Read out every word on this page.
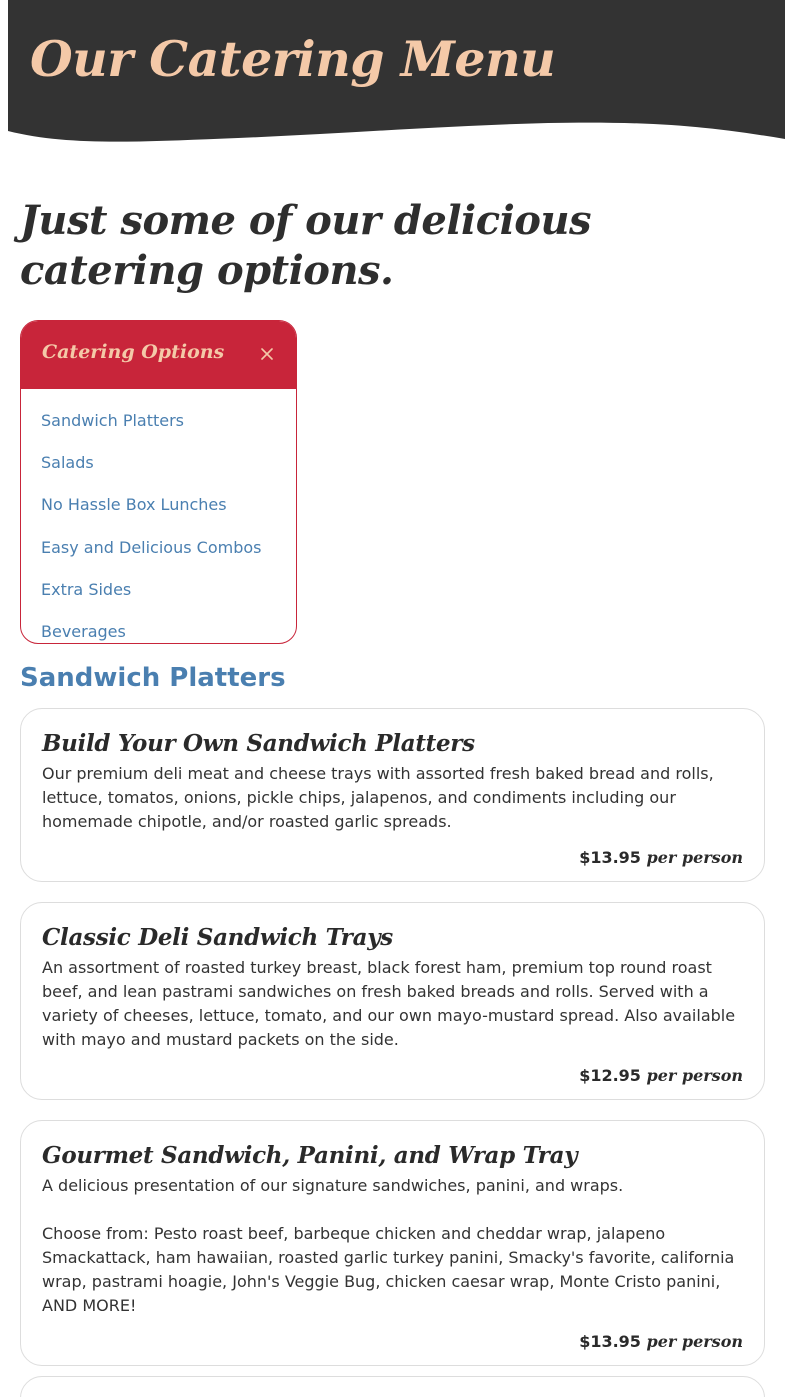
Our Catering Menu
Just some of our delicious catering options.
Catering Options
Sandwich Platters
Salads
No Hassle Box Lunches
Easy and Delicious Combos
Extra Sides
Beverages
Sandwich Platters
Build Your Own Sandwich Platters

Our premium deli meat and cheese trays with assorted fresh baked bread and rolls, lettuce, tomatos, onions, pickle chips, jalapenos, and condiments including our homemade chipotle, and/or roasted garlic spreads.

$13.95 per person
Classic Deli Sandwich Trays

An assortment of roasted turkey breast, black forest ham, premium top round roast beef, and lean pastrami sandwiches on fresh baked breads and rolls. Served with a variety of cheeses, lettuce, tomato, and our own mayo-mustard spread. Also available with mayo and mustard packets on the side.

$12.95 per person
Gourmet Sandwich, Panini, and Wrap Tray

A delicious presentation of our signature sandwiches, panini, and wraps.

Choose from: Pesto roast beef, barbeque chicken and cheddar wrap, jalapeno Smackattack, ham hawaiian, roasted garlic turkey panini, Smacky's favorite, california wrap, pastrami hoagie, John's Veggie Bug, chicken caesar wrap, Monte Cristo panini, AND MORE!

$13.95 per person
